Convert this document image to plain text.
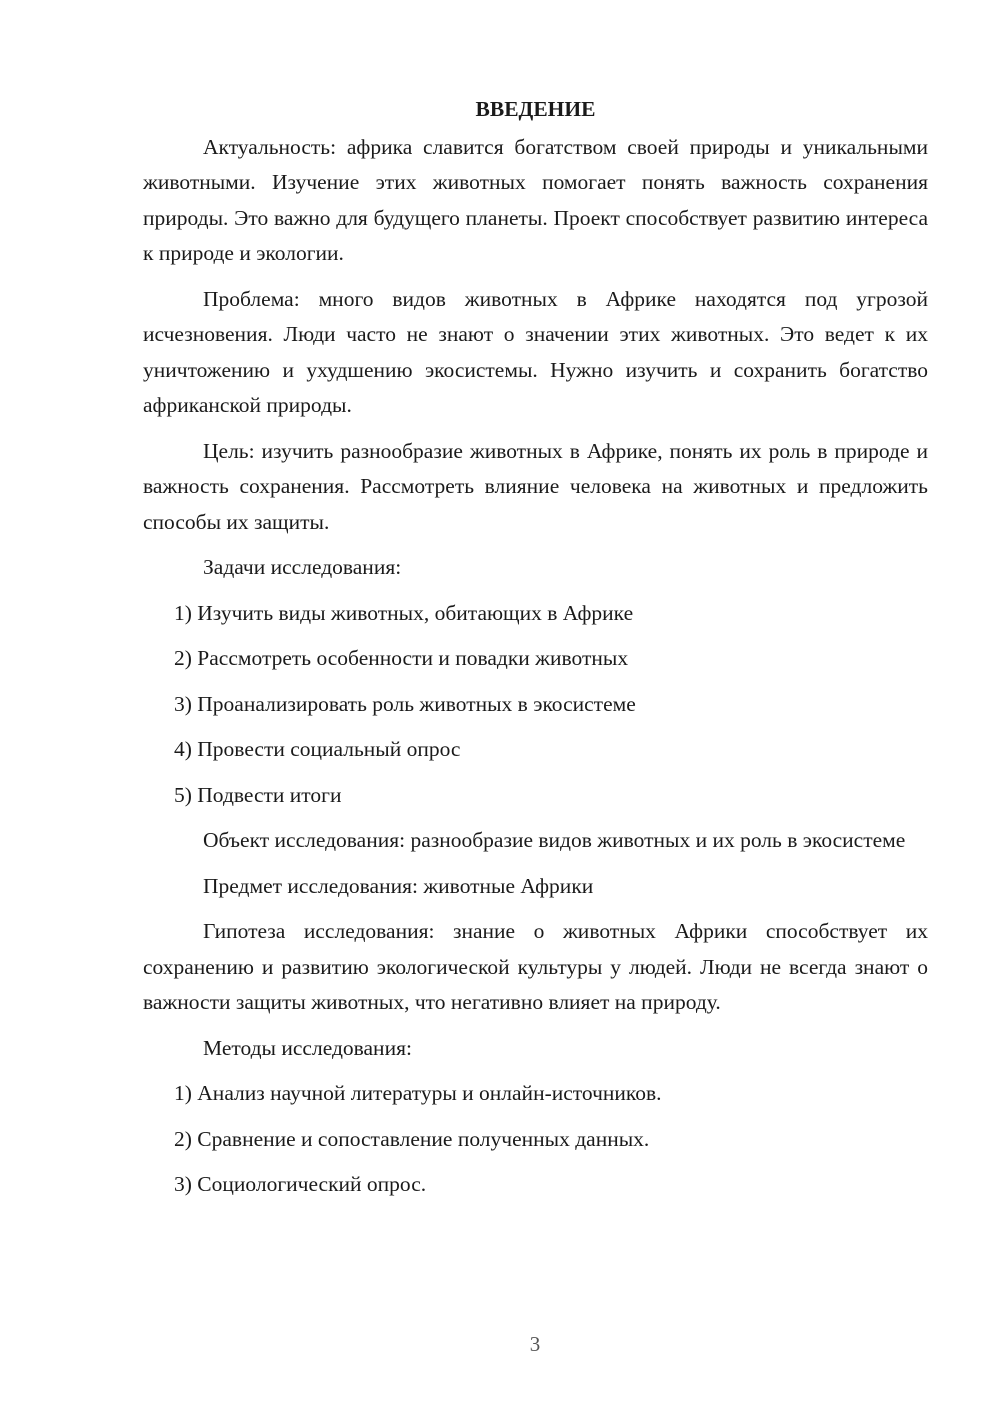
ВВЕДЕНИЕ

Актуальность: африка славится богатством своей природы и уникальными животными. Изучение этих животных помогает понять важность сохранения природы. Это важно для будущего планеты. Проект способствует развитию интереса к природе и экологии.

Проблема: много видов животных в Африке находятся под угрозой исчезновения. Люди часто не знают о значении этих животных. Это ведет к их уничтожению и ухудшению экосистемы. Нужно изучить и сохранить богатство африканской природы.

Цель: изучить разнообразие животных в Африке, понять их роль в природе и важность сохранения. Рассмотреть влияние человека на животных и предложить способы их защиты.

Задачи исследования:

1) Изучить виды животных, обитающих в Африке

2) Рассмотреть особенности и повадки животных

3) Проанализировать роль животных в экосистеме

4) Провести социальный опрос

5) Подвести итоги

Объект исследования: разнообразие видов животных и их роль в экосистеме

Предмет исследования: животные Африки

Гипотеза исследования: знание о животных Африки способствует их сохранению и развитию экологической культуры у людей. Люди не всегда знают о важности защиты животных, что негативно влияет на природу.

Методы исследования:

1) Анализ научной литературы и онлайн-источников.

2) Сравнение и сопоставление полученных данных.

3) Социологический опрос.

3
